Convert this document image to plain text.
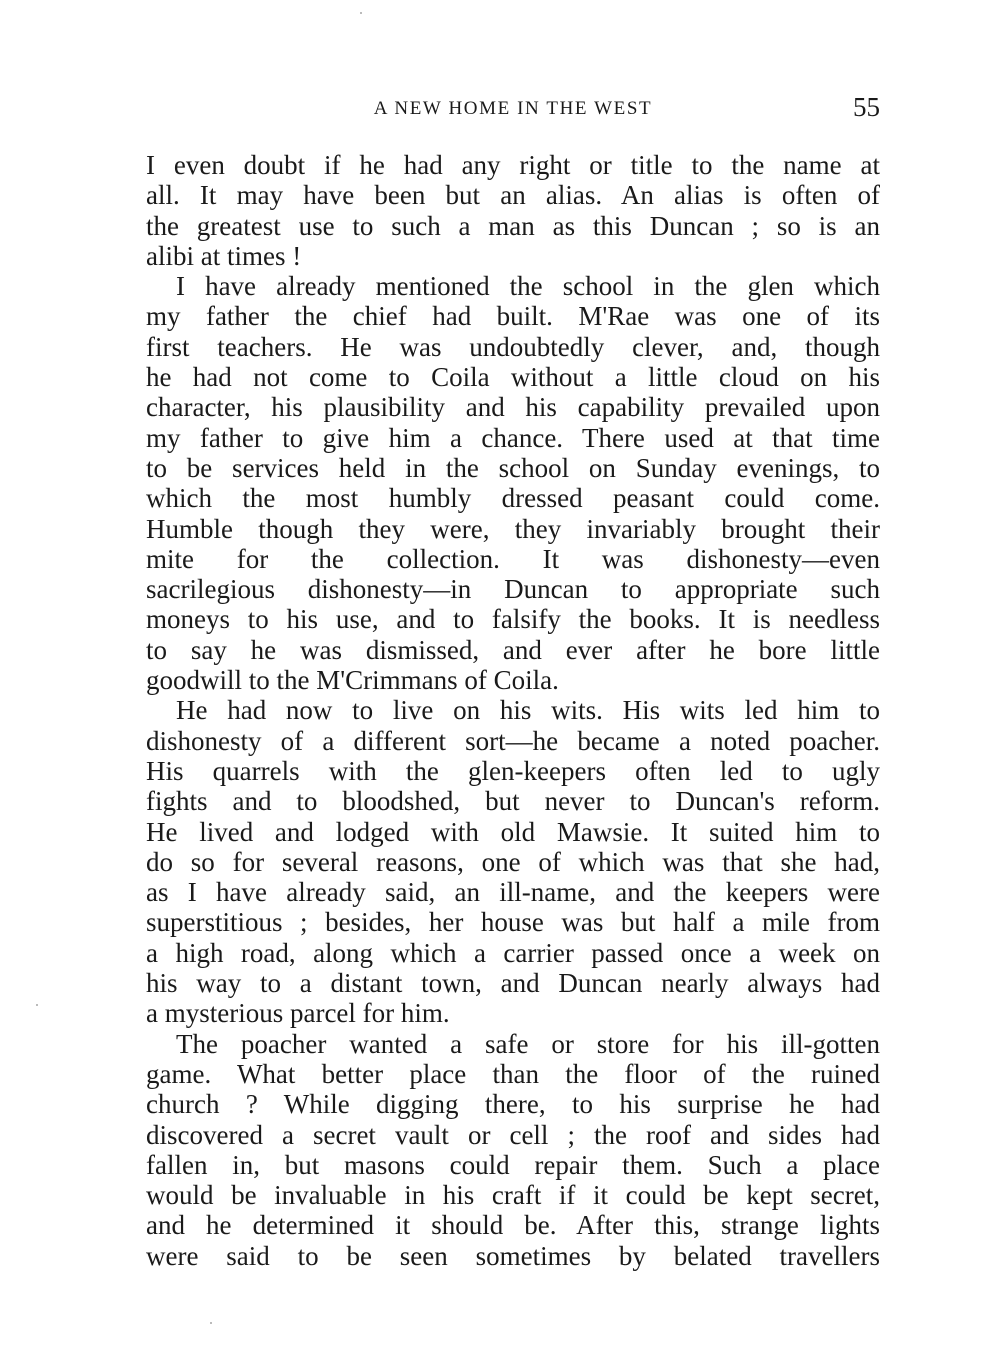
A NEW HOME IN THE WEST	55
I even doubt if he had any right or title to the name at
all. It may have been but an alias. An alias is often of
the greatest use to such a man as this Duncan ; so is an
alibi at times !
I have already mentioned the school in the glen which
my father the chief had built. M'Rae was one of its
first teachers. He was undoubtedly clever, and, though
he had not come to Coila without a little cloud on his
character, his plausibility and his capability prevailed upon
my father to give him a chance. There used at that time
to be services held in the school on Sunday evenings, to
which the most humbly dressed peasant could come.
Humble though they were, they invariably brought their
mite for the collection. It was dishonesty—even
sacrilegious dishonesty—in Duncan to appropriate such
moneys to his use, and to falsify the books. It is needless
to say he was dismissed, and ever after he bore little
goodwill to the M'Crimmans of Coila.
He had now to live on his wits. His wits led him to
dishonesty of a different sort—he became a noted poacher.
His quarrels with the glen-keepers often led to ugly
fights and to bloodshed, but never to Duncan's reform.
He lived and lodged with old Mawsie. It suited him to
do so for several reasons, one of which was that she had,
as I have already said, an ill-name, and the keepers were
superstitious ; besides, her house was but half a mile from
a high road, along which a carrier passed once a week on
his way to a distant town, and Duncan nearly always had
a mysterious parcel for him.
The poacher wanted a safe or store for his ill-gotten
game. What better place than the floor of the ruined
church ? While digging there, to his surprise he had
discovered a secret vault or cell ; the roof and sides had
fallen in, but masons could repair them. Such a place
would be invaluable in his craft if it could be kept secret,
and he determined it should be. After this, strange lights
were said to be seen sometimes by belated travellers
